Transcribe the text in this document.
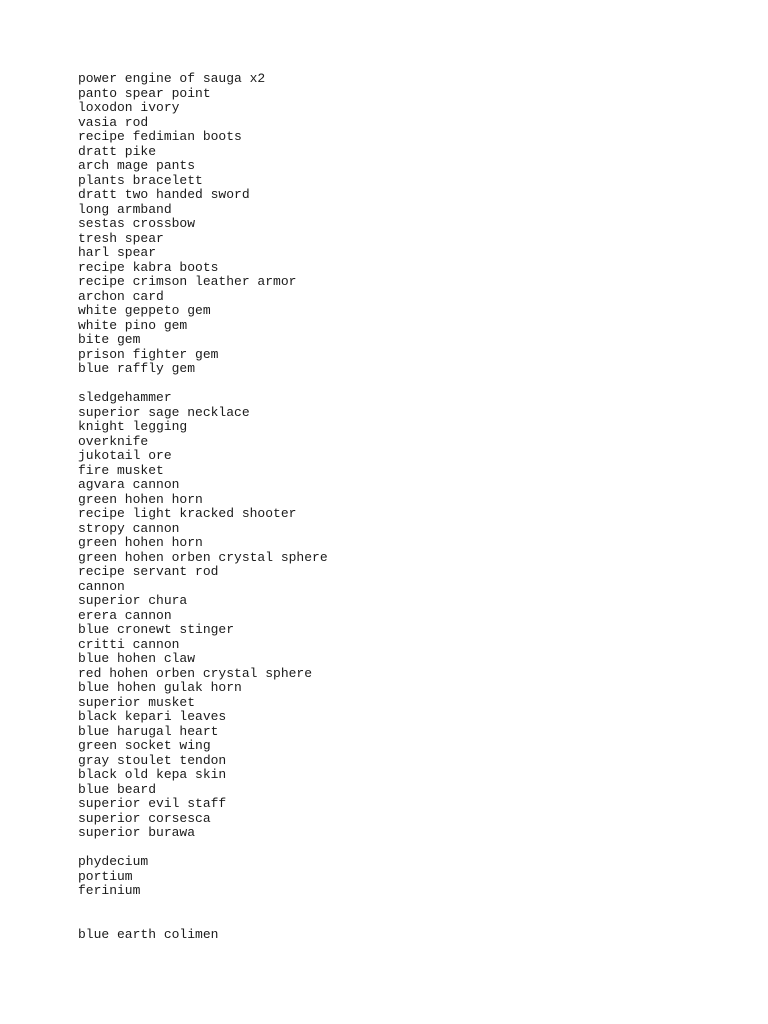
power engine of sauga x2
panto spear point
loxodon ivory
vasia rod
recipe fedimian boots
dratt pike
arch mage pants
plants bracelett
dratt two handed sword
long armband
sestas crossbow
tresh spear
harl spear
recipe kabra boots
recipe crimson leather armor
archon card
white geppeto gem
white pino gem
bite gem
prison fighter gem
blue raffly gem
sledgehammer
superior sage necklace
knight legging
overknife
jukotail ore
fire musket
agvara cannon
green hohen horn
recipe light kracked shooter
stropy cannon
green hohen horn
green hohen orben crystal sphere
recipe servant rod
cannon
superior chura
erera cannon
blue cronewt stinger
critti cannon
blue hohen claw
red hohen orben crystal sphere
blue hohen gulak horn
superior musket
black kepari leaves
blue harugal heart
green socket wing
gray stoulet tendon
black old kepa skin
blue beard
superior evil staff
superior corsesca
superior burawa
phydecium
portium
ferinium
blue earth colimen
